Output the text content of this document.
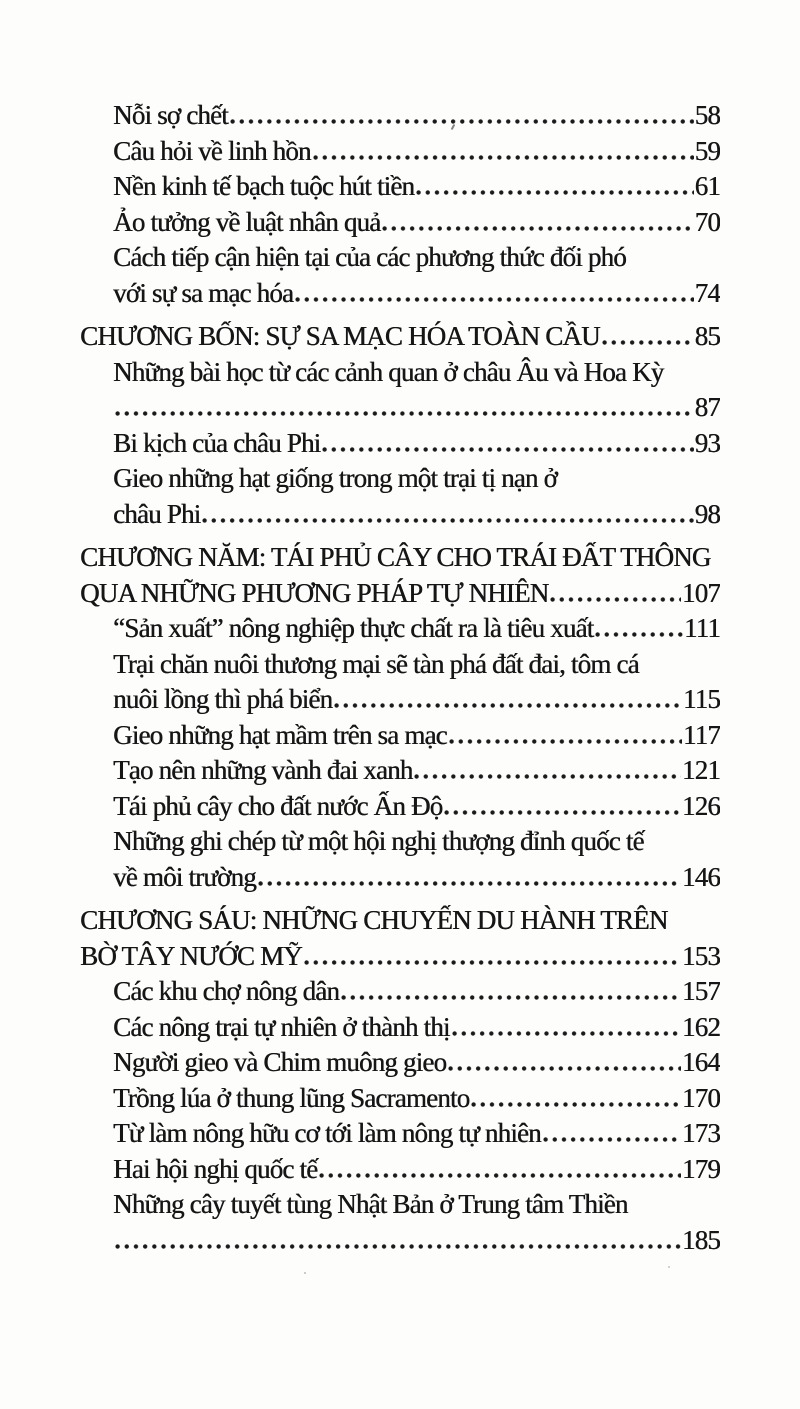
Nỗi sợ chết	58
Câu hỏi về linh hồn	59
Nền kinh tế bạch tuộc hút tiền	61
Ảo tưởng về luật nhân quả	70
Cách tiếp cận hiện tại của các phương thức đối phó
với sự sa mạc hóa	74
CHƯƠNG BỐN: SỰ SA MẠC HÓA TOÀN CẦU	85
Những bài học từ các cảnh quan ở châu Âu và Hoa Kỳ
87
Bi kịch của châu Phi	93
Gieo những hạt giống trong một trại tị nạn ở
châu Phi	98
CHƯƠNG NĂM: TÁI PHỦ CÂY CHO TRÁI ĐẤT THÔNG
QUA NHỮNG PHƯƠNG PHÁP TỰ NHIÊN	107
“Sản xuất” nông nghiệp thực chất ra là tiêu xuất	111
Trại chăn nuôi thương mại sẽ tàn phá đất đai, tôm cá
nuôi lồng thì phá biển	115
Gieo những hạt mầm trên sa mạc	117
Tạo nên những vành đai xanh	121
Tái phủ cây cho đất nước Ấn Độ	126
Những ghi chép từ một hội nghị thượng đỉnh quốc tế
về môi trường	146
CHƯƠNG SÁU: NHỮNG CHUYẾN DU HÀNH TRÊN
BỜ TÂY NƯỚC MỸ	153
Các khu chợ nông dân	157
Các nông trại tự nhiên ở thành thị	162
Người gieo và Chim muông gieo	164
Trồng lúa ở thung lũng Sacramento	170
Từ làm nông hữu cơ tới làm nông tự nhiên	173
Hai hội nghị quốc tế	179
Những cây tuyết tùng Nhật Bản ở Trung tâm Thiền
185
